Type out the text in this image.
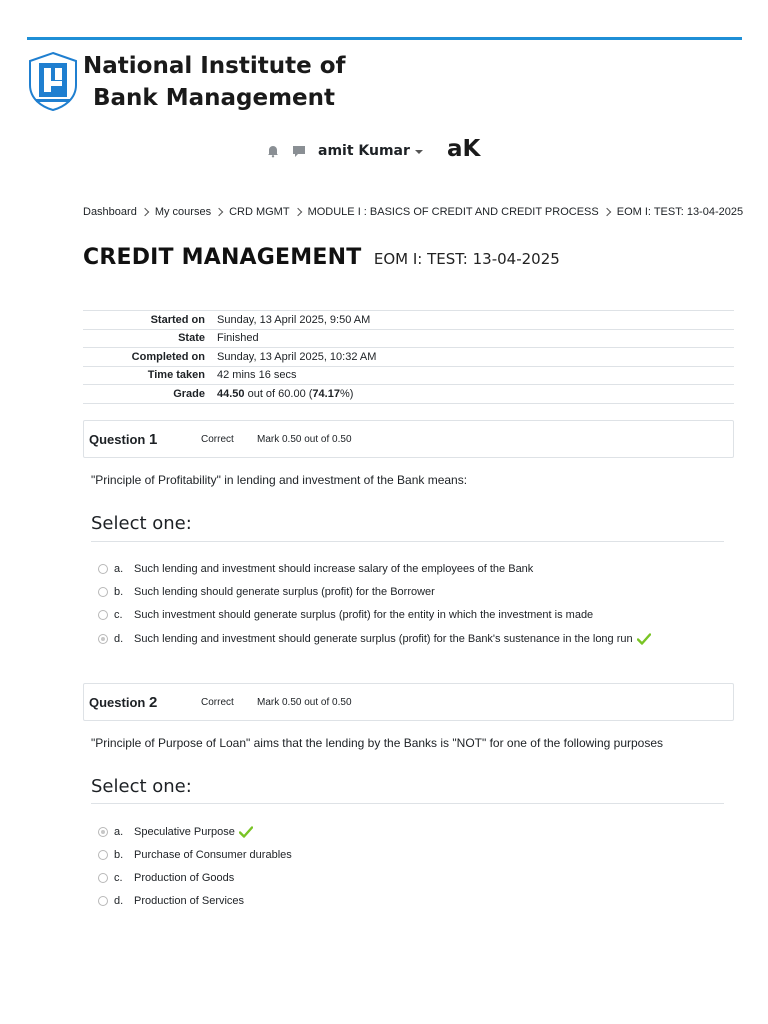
National Institute of
Bank Management
amit Kumar aK
Dashboard My courses CRD MGMT MODULE I : BASICS OF CREDIT AND CREDIT PROCESS EOM I: TEST: 13-04-2025
CREDIT MANAGEMENT EOM I: TEST: 13-04-2025
Started on	Sunday, 13 April 2025, 9:50 AM
State	Finished
Completed on	Sunday, 13 April 2025, 10:32 AM
Time taken	42 mins 16 secs
Grade	44.50 out of 60.00 (74.17%)
Question 1	Correct	Mark 0.50 out of 0.50
"Principle of Profitability" in lending and investment of the Bank means:
Select one:
a. Such lending and investment should increase salary of the employees of the Bank
b. Such lending should generate surplus (profit) for the Borrower
c.	Such investment should generate surplus (profit) for the entity in which the investment is made
d. Such lending and investment should generate surplus (profit) for the Bank's sustenance in the long run
Question 2	Correct	Mark 0.50 out of 0.50
"Principle of Purpose of Loan" aims that the lending by the Banks is "NOT" for one of the following purposes
Select one:
a. Speculative Purpose
b. Purchase of Consumer durables
c.	Production of Goods
d. Production of Services
